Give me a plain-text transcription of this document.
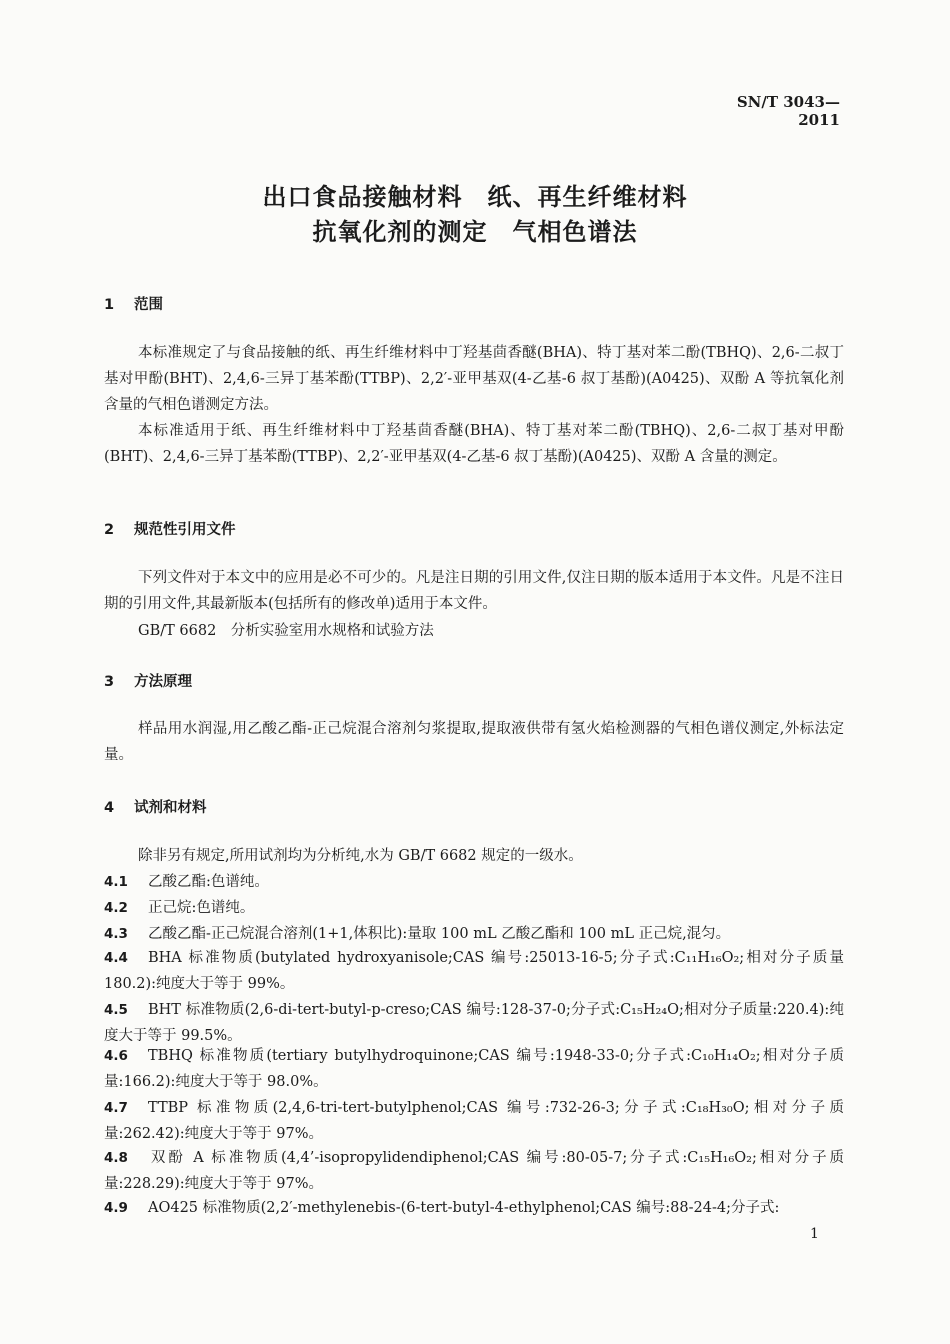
SN/T 3043—2011
出口食品接触材料　纸、再生纤维材料
抗氧化剂的测定　气相色谱法
1 范围
本标准规定了与食品接触的纸、再生纤维材料中丁羟基茴香醚(BHA)、特丁基对苯二酚(TBHQ)、2,6-二叔丁基对甲酚(BHT)、2,4,6-三异丁基苯酚(TTBP)、2,2′-亚甲基双(4-乙基-6 叔丁基酚)(A0425)、双酚 A 等抗氧化剂含量的气相色谱测定方法。
本标准适用于纸、再生纤维材料中丁羟基茴香醚(BHA)、特丁基对苯二酚(TBHQ)、2,6-二叔丁基对甲酚(BHT)、2,4,6-三异丁基苯酚(TTBP)、2,2′-亚甲基双(4-乙基-6 叔丁基酚)(A0425)、双酚 A 含量的测定。
2 规范性引用文件
下列文件对于本文中的应用是必不可少的。凡是注日期的引用文件,仅注日期的版本适用于本文件。凡是不注日期的引用文件,其最新版本(包括所有的修改单)适用于本文件。
GB/T 6682　分析实验室用水规格和试验方法
3 方法原理
样品用水润湿,用乙酸乙酯-正己烷混合溶剂匀浆提取,提取液供带有氢火焰检测器的气相色谱仪测定,外标法定量。
4 试剂和材料
除非另有规定,所用试剂均为分析纯,水为 GB/T 6682 规定的一级水。
4.1 乙酸乙酯:色谱纯。
4.2 正己烷:色谱纯。
4.3 乙酸乙酯-正己烷混合溶剂(1+1,体积比):量取 100 mL 乙酸乙酯和 100 mL 正己烷,混匀。
4.4 BHA 标准物质(butylated hydroxyanisole;CAS 编号:25013-16-5;分子式:C₁₁H₁₆O₂;相对分子质量 180.2):纯度大于等于 99%。
4.5 BHT 标准物质(2,6-di-tert-butyl-p-creso;CAS 编号:128-37-0;分子式:C₁₅H₂₄O;相对分子质量:220.4):纯度大于等于 99.5%。
4.6 TBHQ 标准物质(tertiary butylhydroquinone;CAS 编号:1948-33-0;分子式:C₁₀H₁₄O₂;相对分子质量:166.2):纯度大于等于 98.0%。
4.7 TTBP 标准物质(2,4,6-tri-tert-butylphenol;CAS 编号:732-26-3;分子式:C₁₈H₃₀O;相对分子质量:262.42):纯度大于等于 97%。
4.8 双酚 A 标准物质(4,4’-isopropylidendiphenol;CAS 编号:80-05-7;分子式:C₁₅H₁₆O₂;相对分子质量:228.29):纯度大于等于 97%。
4.9 AO425 标准物质(2,2′-methylenebis-(6-tert-butyl-4-ethylphenol;CAS 编号:88-24-4;分子式:
1
